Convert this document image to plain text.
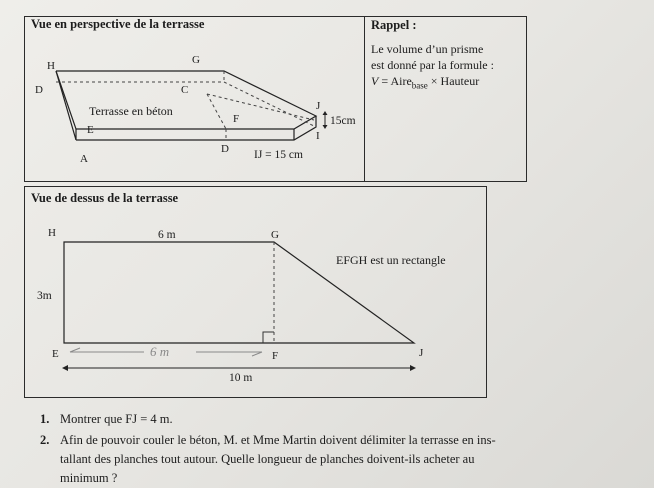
Vue en perspective de la terrasse
H	G
D	C
Terrasse en béton	J
F	15cm
E	I
D IJ = 15 cm
A
Rappel :
Le volume d’un prisme
est donné par la formule :
V = Aire$_{base}$ × Hauteur
Vue de dessus de la terrasse
H	6 m	G
EFGH est un rectangle
3m
E	6 m	F	J
10 m
1. Montrer que FJ = 4 m.
2. Afin de pouvoir couler le béton, M. et Mme Martin doivent délimiter la terrasse en ins-
tallant des planches tout autour. Quelle longueur de planches doivent-ils acheter au
minimum ?
